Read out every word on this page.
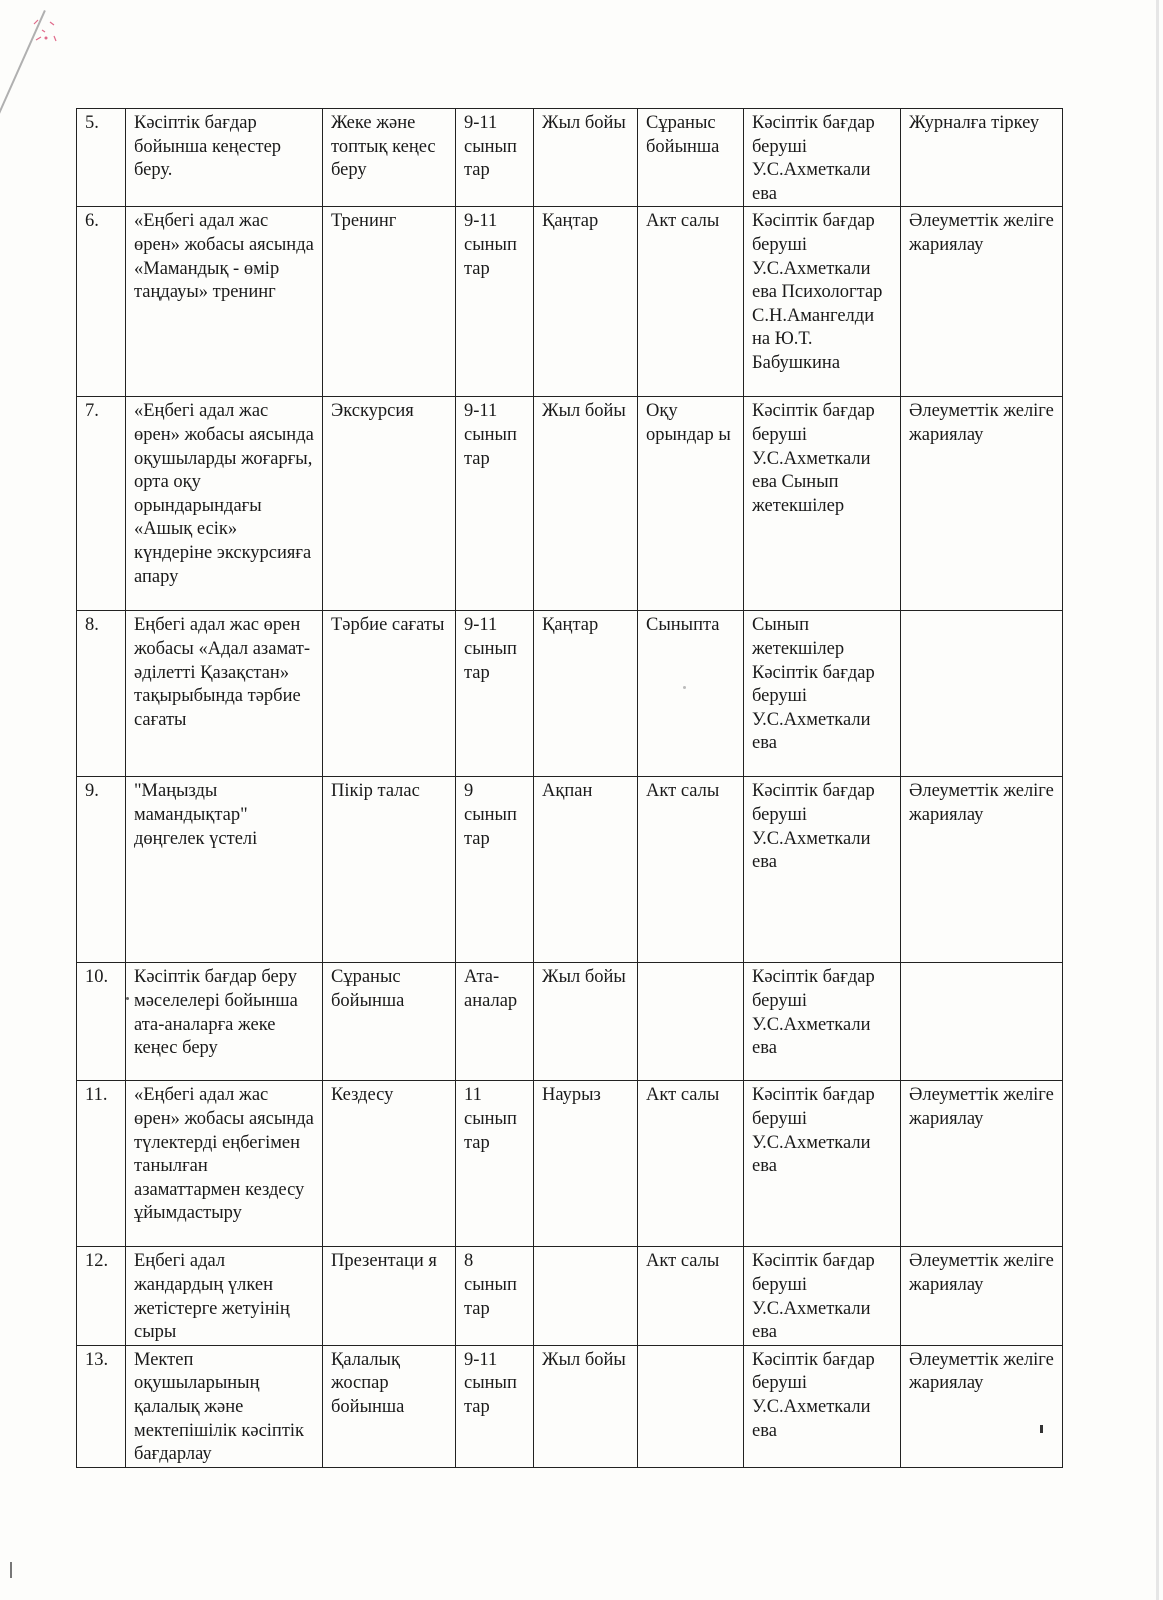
5.	Кәсіптік бағдар бойынша кеңестер беру.	Жеке және топтық кеңес беру	9-11 сынып тар	Жыл бойы	Сұраныс бойынша	Кәсіптік бағдар беруші У.С.Ахметкали ева	Журналға тіркеу
6.	«Еңбегі адал жас өрен» жобасы аясында «Мамандық - өмір таңдауы» тренинг	Тренинг	9-11 сынып тар	Қаңтар	Акт салы	Кәсіптік бағдар беруші У.С.Ахметкали ева Психологтар С.Н.Амангелди на Ю.Т. Бабушкина	Әлеуметтік желіге жариялау
7.	«Еңбегі адал жас өрен» жобасы аясында оқушыларды жоғарғы, орта оқу орындарындағы «Ашық есік» күндеріне экскурсияға апару	Экскурсия	9-11 сынып тар	Жыл бойы	Оқу орындар ы	Кәсіптік бағдар беруші У.С.Ахметкали ева Сынып жетекшілер	Әлеуметтік желіге жариялау
8.	Еңбегі адал жас өрен жобасы «Адал азамат- әділетті Қазақстан» тақырыбында тәрбие сағаты	Тәрбие сағаты	9-11 сынып тар	Қаңтар	Сыныпта	Сынып жетекшілер Кәсіптік бағдар беруші У.С.Ахметкали ева	
9.	"Маңызды мамандықтар" дөңгелек үстелі	Пікір талас	9 сынып тар	Ақпан	Акт салы	Кәсіптік бағдар беруші У.С.Ахметкали ева	Әлеуметтік желіге жариялау
10.	Кәсіптік бағдар беру мәселелері бойынша ата-аналарға жеке кеңес беру	Сұраныс бойынша	Ата-аналар	Жыл бойы		Кәсіптік бағдар беруші У.С.Ахметкали ева	
11.	«Еңбегі адал жас өрен» жобасы аясында түлектерді еңбегімен танылған азаматтармен кездесу ұйымдастыру	Кездесу	11 сынып тар	Наурыз	Акт салы	Кәсіптік бағдар беруші У.С.Ахметкали ева	Әлеуметтік желіге жариялау
12.	Еңбегі адал жандардың үлкен жетістерге жетуінің сыры	Презентаци я	8 сынып тар		Акт салы	Кәсіптік бағдар беруші У.С.Ахметкали ева	Әлеуметтік желіге жариялау
13.	Мектеп оқушыларының қалалық және мектепішілік кәсіптік бағдарлау	Қалалық жоспар бойынша	9-11 сынып тар	Жыл бойы		Кәсіптік бағдар беруші У.С.Ахметкали ева	Әлеуметтік желіге жариялау
